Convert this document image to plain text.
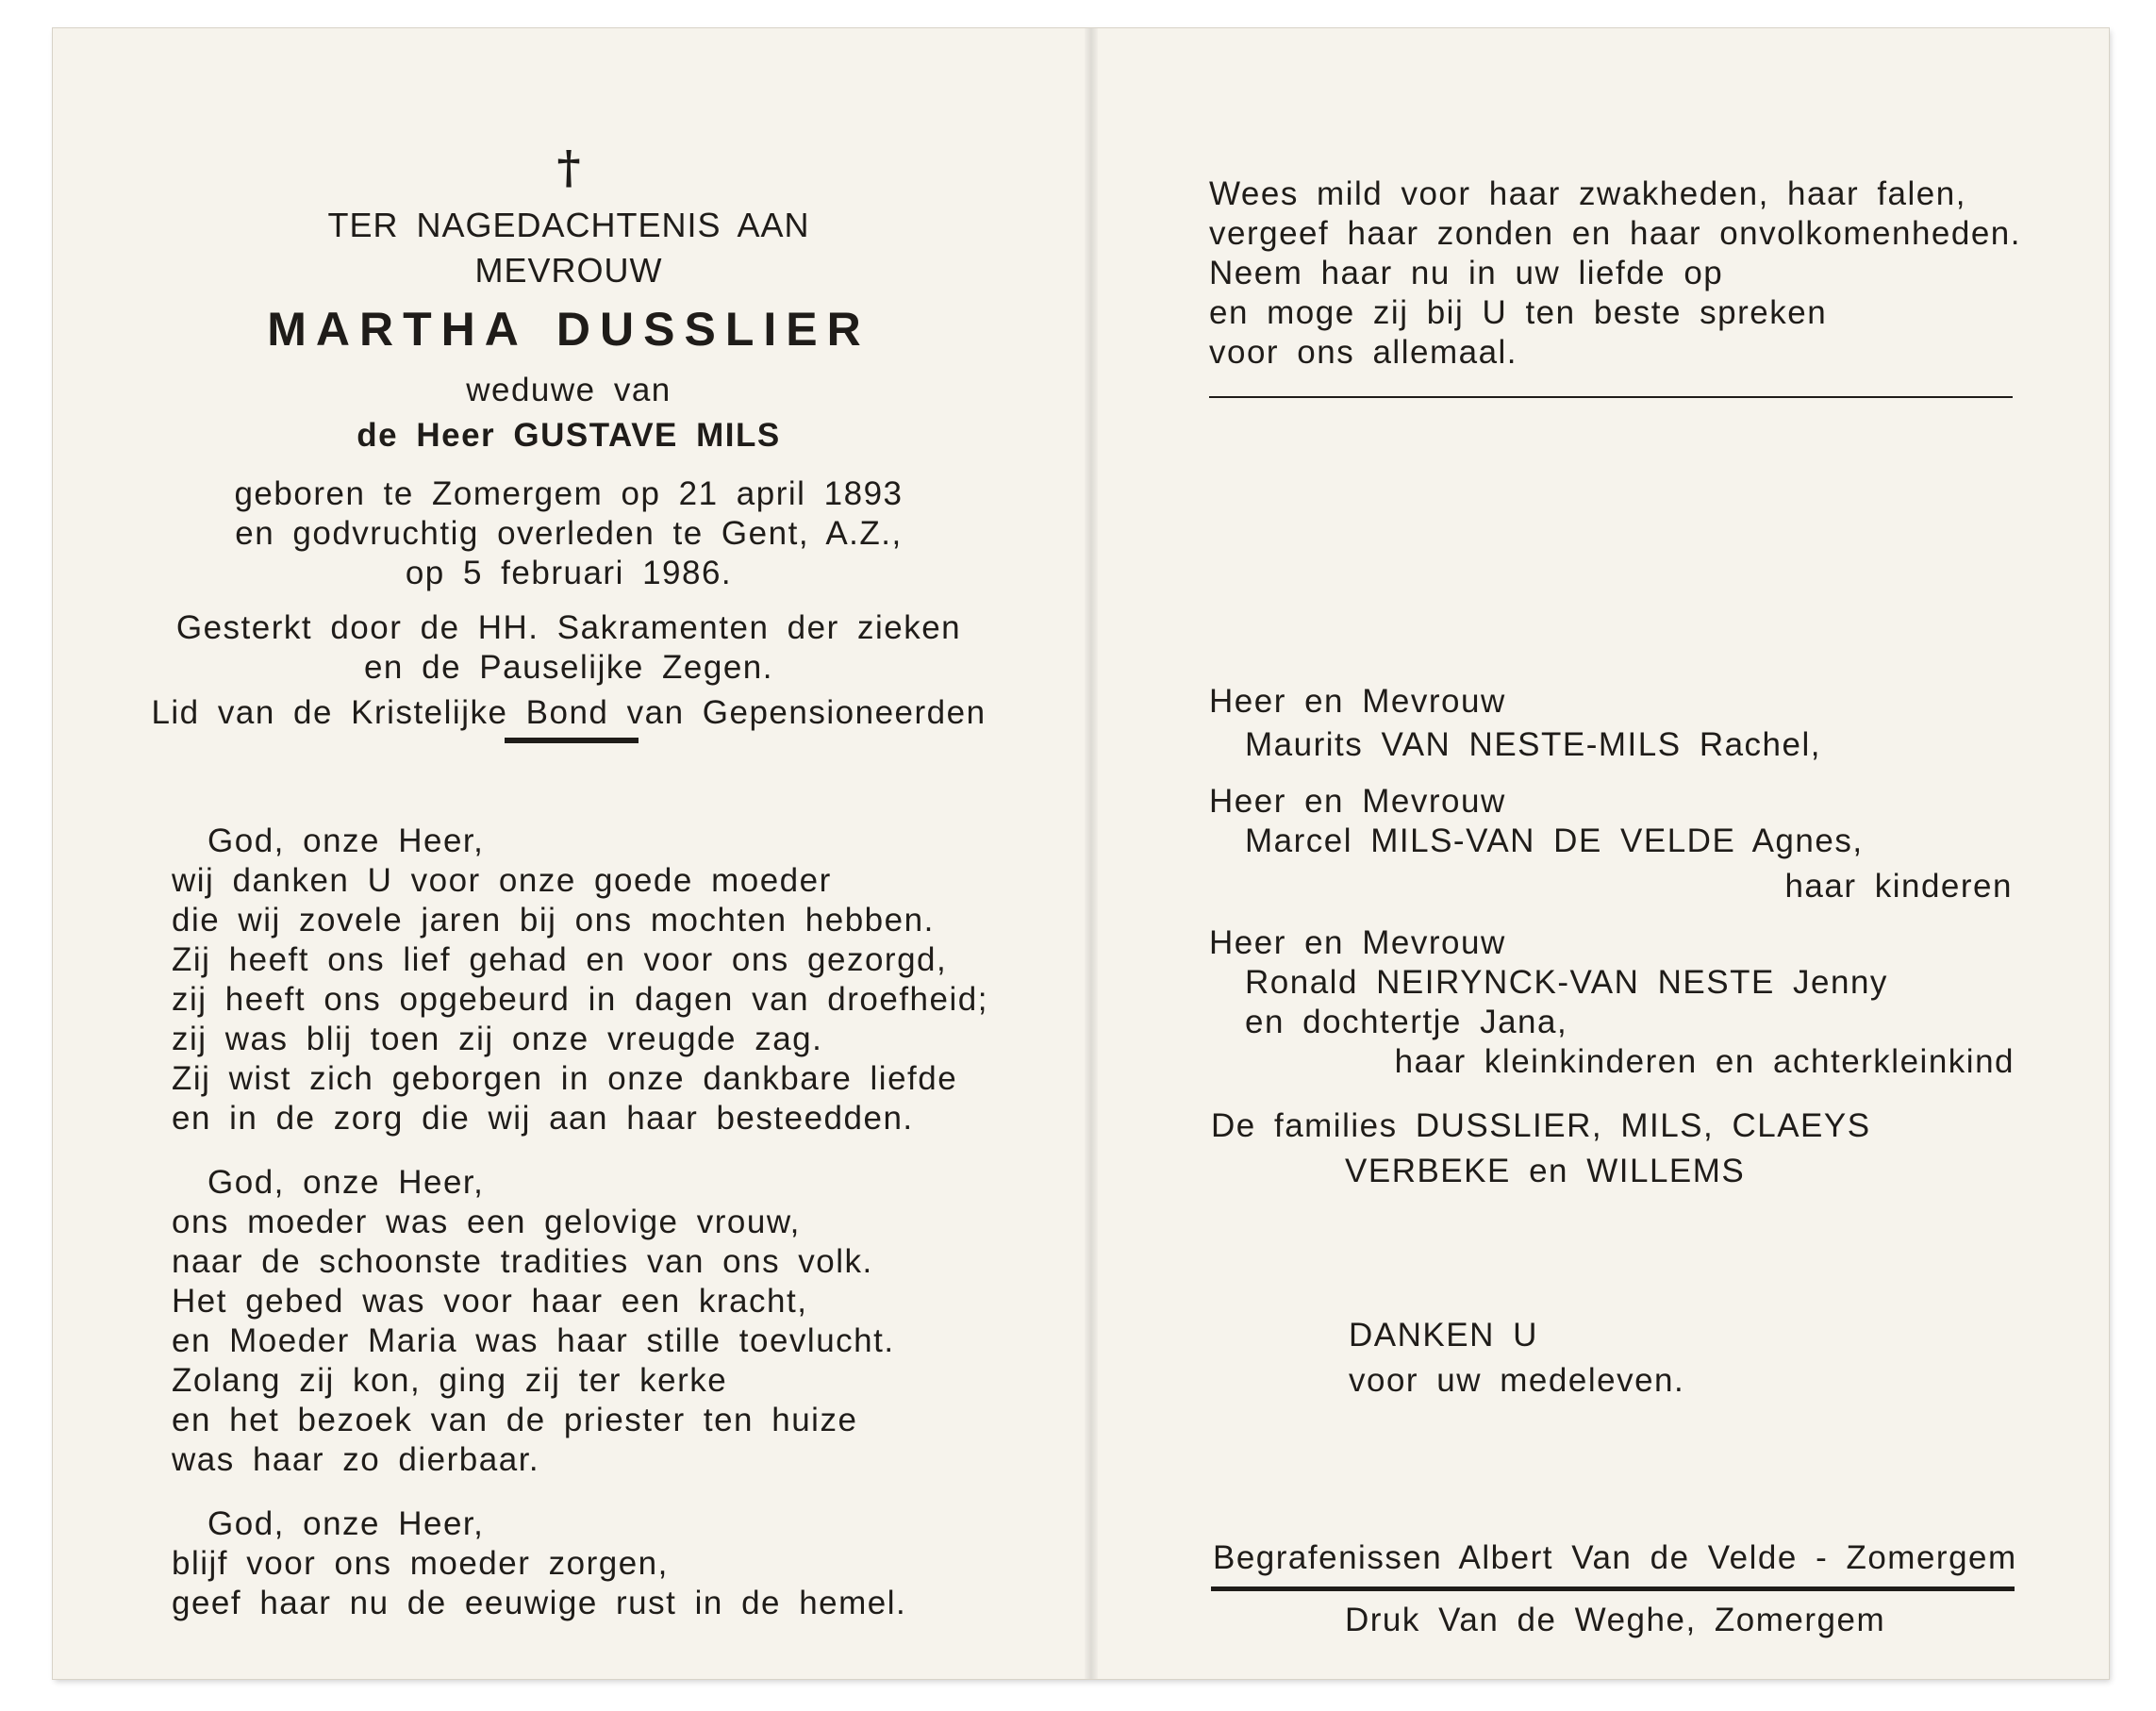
†
TER NAGEDACHTENIS AAN
MEVROUW
MARTHA DUSSLIER
weduwe van
de Heer GUSTAVE MILS
geboren te Zomergem op 21 april 1893
en godvruchtig overleden te Gent, A.Z.,
op 5 februari 1986.
Gesterkt door de HH. Sakramenten der zieken
en de Pauselijke Zegen.
Lid van de Kristelijke Bond van Gepensioneerden
God, onze Heer,
wij danken U voor onze goede moeder
die wij zovele jaren bij ons mochten hebben.
Zij heeft ons lief gehad en voor ons gezorgd,
zij heeft ons opgebeurd in dagen van droefheid;
zij was blij toen zij onze vreugde zag.
Zij wist zich geborgen in onze dankbare liefde
en in de zorg die wij aan haar besteedden.
God, onze Heer,
ons moeder was een gelovige vrouw,
naar de schoonste tradities van ons volk.
Het gebed was voor haar een kracht,
en Moeder Maria was haar stille toevlucht.
Zolang zij kon, ging zij ter kerke
en het bezoek van de priester ten huize
was haar zo dierbaar.
God, onze Heer,
blijf voor ons moeder zorgen,
geef haar nu de eeuwige rust in de hemel.
Wees mild voor haar zwakheden, haar falen,
vergeef haar zonden en haar onvolkomenheden.
Neem haar nu in uw liefde op
en moge zij bij U ten beste spreken
voor ons allemaal.
Heer en Mevrouw
Maurits VAN NESTE-MILS Rachel,
Heer en Mevrouw
Marcel MILS-VAN DE VELDE Agnes,
haar kinderen
Heer en Mevrouw
Ronald NEIRYNCK-VAN NESTE Jenny
en dochtertje Jana,
haar kleinkinderen en achterkleinkind
De families DUSSLIER, MILS, CLAEYS
VERBEKE en WILLEMS
DANKEN U
voor uw medeleven.
Begrafenissen Albert Van de Velde - Zomergem
Druk Van de Weghe, Zomergem
